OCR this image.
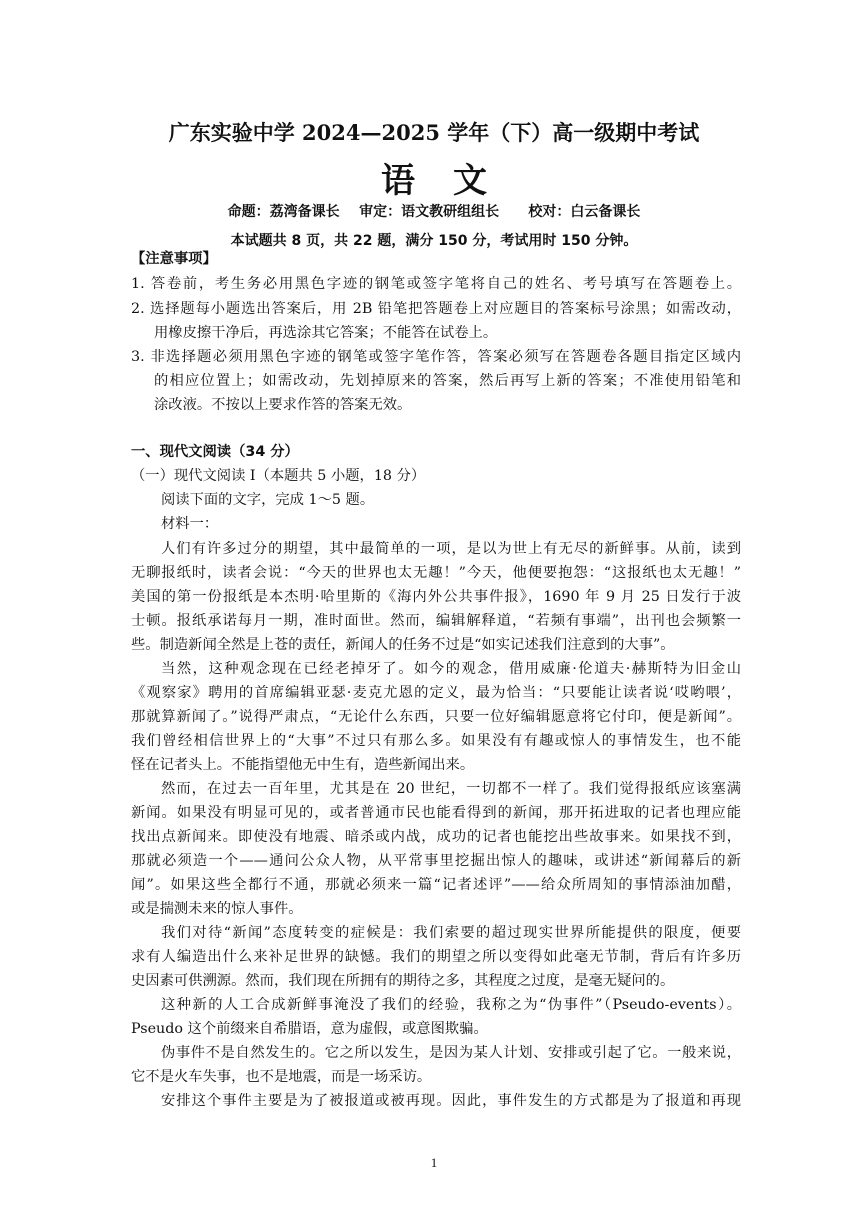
广东实验中学 2024—2025 学年（下）高一级期中考试
语文
命题：荔湾备课长    审定：语文教研组组长      校对：白云备课长
本试题共 8 页，共 22 题，满分 150 分，考试用时 150 分钟。
【注意事项】
1. 答卷前，考生务必用黑色字迹的钢笔或签字笔将自己的姓名、考号填写在答题卷上。
2. 选择题每小题选出答案后，用 2B 铅笔把答题卷上对应题目的答案标号涂黑；如需改动，
用橡皮擦干净后，再选涂其它答案；不能答在试卷上。
3. 非选择题必须用黑色字迹的钢笔或签字笔作答，答案必须写在答题卷各题目指定区域内
的相应位置上；如需改动，先划掉原来的答案，然后再写上新的答案；不准使用铅笔和
涂改液。不按以上要求作答的答案无效。
一、现代文阅读（34 分）
（一）现代文阅读 I（本题共 5 小题，18 分）
阅读下面的文字，完成 1～5 题。
材料一：
人们有许多过分的期望，其中最简单的一项，是以为世上有无尽的新鲜事。从前，读到
无聊报纸时，读者会说：“今天的世界也太无趣！”今天，他便要抱怨：“这报纸也太无趣！”
美国的第一份报纸是本杰明·哈里斯的《海内外公共事件报》，1690 年 9 月 25 日发行于波
士顿。报纸承诺每月一期，准时面世。然而，编辑解释道，“若频有事端”，出刊也会频繁一
些。制造新闻全然是上苍的责任，新闻人的任务不过是“如实记述我们注意到的大事”。
当然，这种观念现在已经老掉牙了。如今的观念，借用威廉·伦道夫·赫斯特为旧金山
《观察家》聘用的首席编辑亚瑟·麦克尤恩的定义，最为恰当：“只要能让读者说‘哎哟喂’，
那就算新闻了。”说得严肃点，“无论什么东西，只要一位好编辑愿意将它付印，便是新闻”。
我们曾经相信世界上的“大事”不过只有那么多。如果没有有趣或惊人的事情发生，也不能
怪在记者头上。不能指望他无中生有，造些新闻出来。
然而，在过去一百年里，尤其是在 20 世纪，一切都不一样了。我们觉得报纸应该塞满
新闻。如果没有明显可见的，或者普通市民也能看得到的新闻，那开拓进取的记者也理应能
找出点新闻来。即使没有地震、暗杀或内战，成功的记者也能挖出些故事来。如果找不到，
那就必须造一个——通问公众人物，从平常事里挖掘出惊人的趣味，或讲述“新闻幕后的新
闻”。如果这些全都行不通，那就必须来一篇“记者述评”——给众所周知的事情添油加醋，
或是揣测未来的惊人事件。
我们对待“新闻”态度转变的症候是：我们索要的超过现实世界所能提供的限度，便要
求有人编造出什么来补足世界的缺憾。我们的期望之所以变得如此毫无节制，背后有许多历
史因素可供溯源。然而，我们现在所拥有的期待之多，其程度之过度，是毫无疑问的。
这种新的人工合成新鲜事淹没了我们的经验，我称之为“伪事件”（Pseudo-events）。
Pseudo 这个前缀来自希腊语，意为虚假，或意图欺骗。
伪事件不是自然发生的。它之所以发生，是因为某人计划、安排或引起了它。一般来说，
它不是火车失事，也不是地震，而是一场采访。
安排这个事件主要是为了被报道或被再现。因此，事件发生的方式都是为了报道和再现
1
